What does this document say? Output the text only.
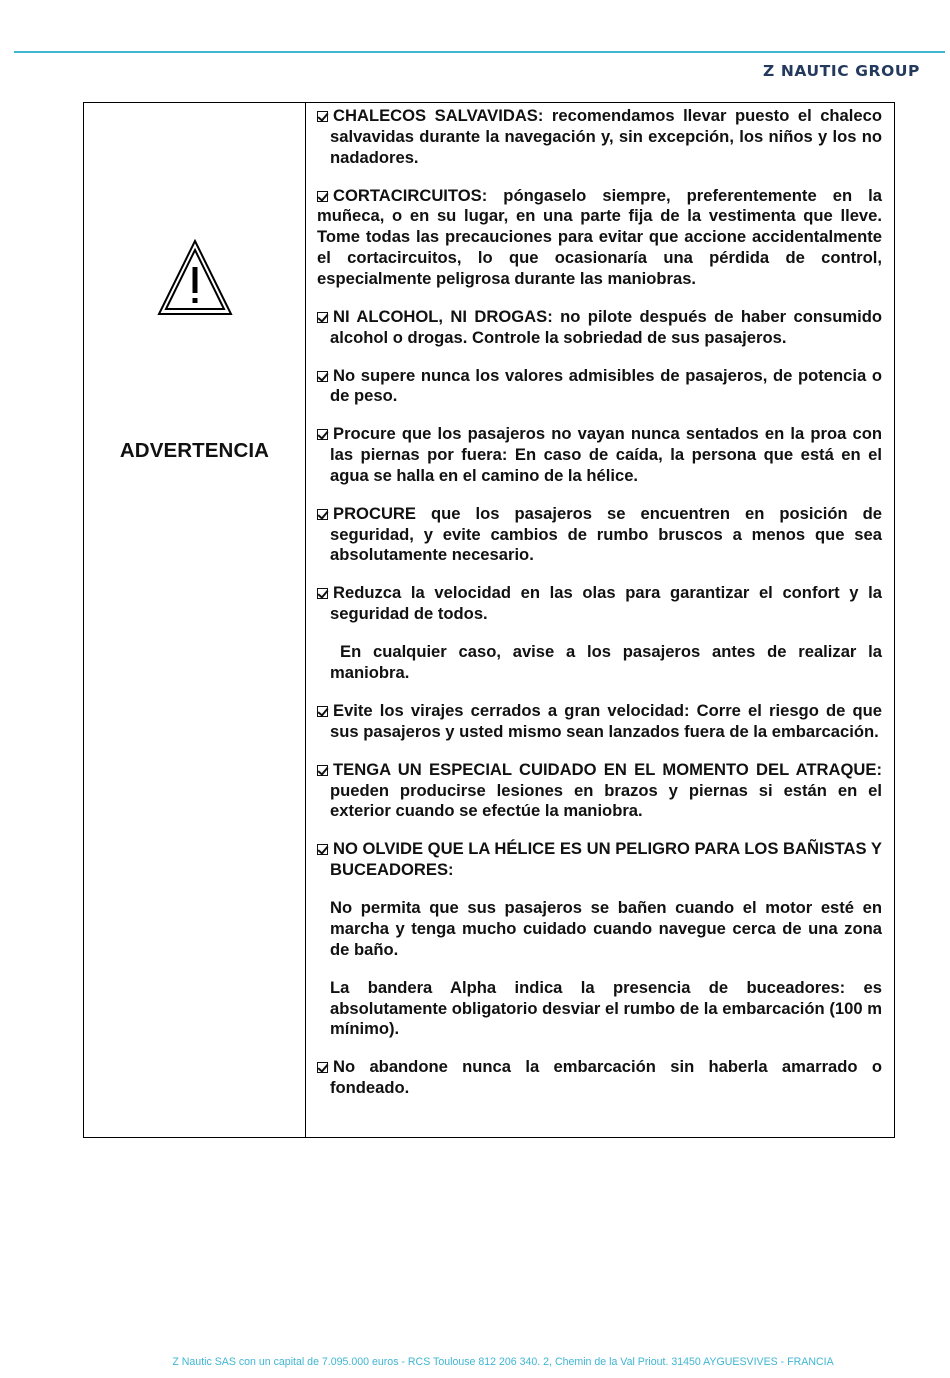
Z NAUTIC GROUP
ADVERTENCIA

CHALECOS SALVAVIDAS: recomendamos llevar puesto el chaleco salvavidas durante la navegación y, sin excepción, los niños y los no nadadores.

CORTACIRCUITOS: póngaselo siempre, preferentemente en la muñeca, o en su lugar, en una parte fija de la vestimenta que lleve. Tome todas las precauciones para evitar que accione accidentalmente el cortacircuitos, lo que ocasionaría una pérdida de control, especialmente peligrosa durante las maniobras.

NI ALCOHOL, NI DROGAS: no pilote después de haber consumido alcohol o drogas. Controle la sobriedad de sus pasajeros.

No supere nunca los valores admisibles de pasajeros, de potencia o de peso.

Procure que los pasajeros no vayan nunca sentados en la proa con las piernas por fuera: En caso de caída, la persona que está en el agua se halla en el camino de la hélice.

PROCURE que los pasajeros se encuentren en posición de seguridad, y evite cambios de rumbo bruscos a menos que sea absolutamente necesario.

Reduzca la velocidad en las olas para garantizar el confort y la seguridad de todos.

En cualquier caso, avise a los pasajeros antes de realizar la maniobra.

Evite los virajes cerrados a gran velocidad: Corre el riesgo de que sus pasajeros y usted mismo sean lanzados fuera de la embarcación.

TENGA UN ESPECIAL CUIDADO EN EL MOMENTO DEL ATRAQUE: pueden producirse lesiones en brazos y piernas si están en el exterior cuando se efectúe la maniobra.

NO OLVIDE QUE LA HÉLICE ES UN PELIGRO PARA LOS BAÑISTAS Y BUCEADORES:

No permita que sus pasajeros se bañen cuando el motor esté en marcha y tenga mucho cuidado cuando navegue cerca de una zona de baño.

La bandera Alpha indica la presencia de buceadores: es absolutamente obligatorio desviar el rumbo de la embarcación (100 m mínimo).

No abandone nunca la embarcación sin haberla amarrado o fondeado.

Z Nautic SAS con un capital de 7.095.000 euros - RCS Toulouse 812 206 340. 2, Chemin de la Val Priout. 31450 AYGUESVIVES - FRANCIA
